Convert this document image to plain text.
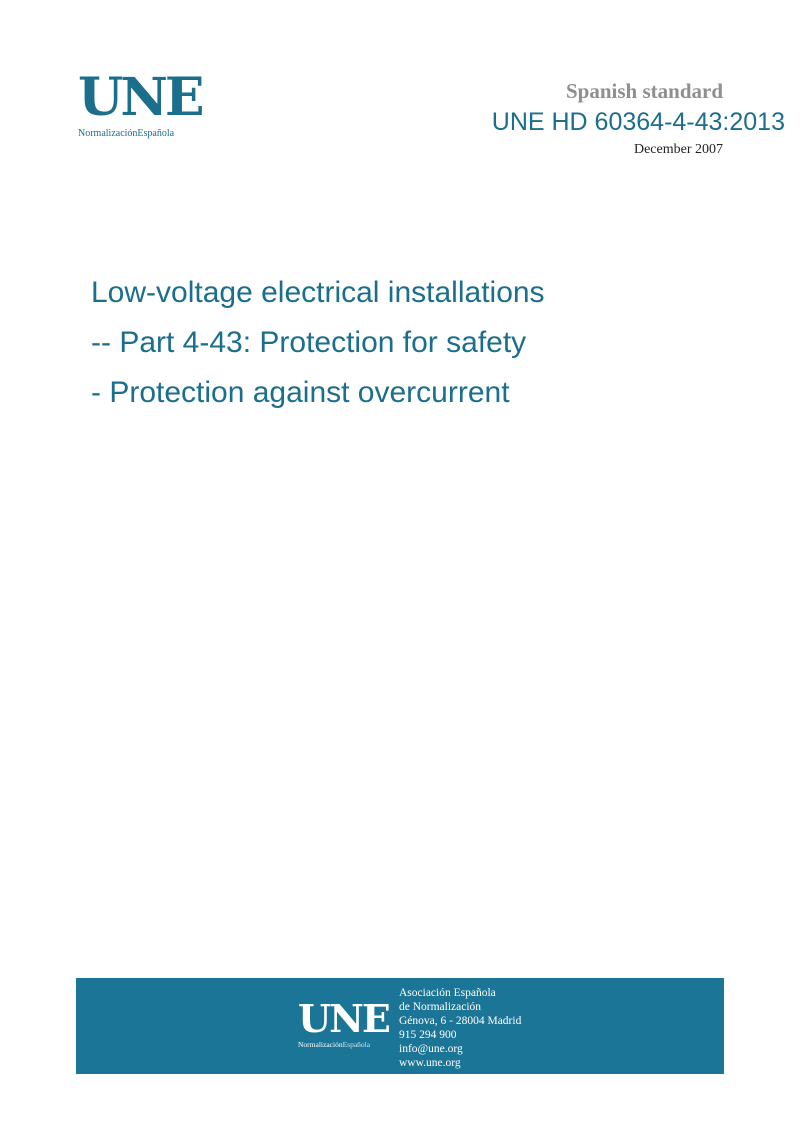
UNE
NormalizaciónEspañola
Spanish standard
UNE HD 60364-4-43:2013
December 2007
Low-voltage electrical installations
-- Part 4-43: Protection for safety
- Protection against overcurrent
UNE
NormalizaciónEspañola
Asociación Española
de Normalización
Génova, 6 - 28004 Madrid
915 294 900
info@une.org
www.une.org
